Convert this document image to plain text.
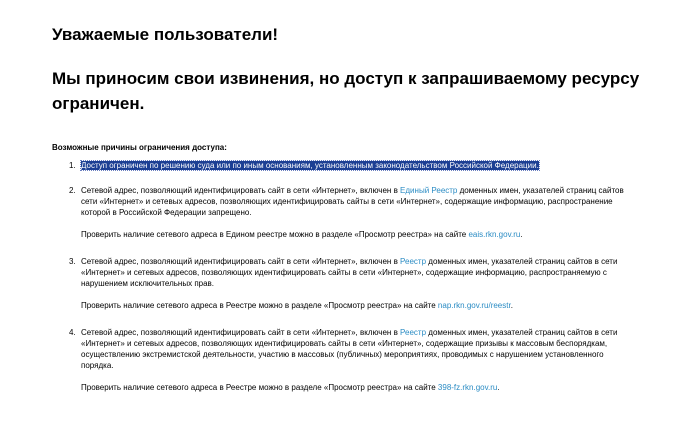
Уважаемые пользователи!
Мы приносим свои извинения, но доступ к запрашиваемому ресурсу ограничен.

Возможные причины ограничения доступа:

1. Доступ ограничен по решению суда или по иным основаниям, установленным законодательством Российской Федерации.
2. Сетевой адрес, позволяющий идентифицировать сайт в сети «Интернет», включен в Единый Реестр доменных имен, указателей страниц сайтов сети «Интернет» и сетевых адресов, позволяющих идентифицировать сайты в сети «Интернет», содержащие информацию, распространение которой в Российской Федерации запрещено.
Проверить наличие сетевого адреса в Едином реестре можно в разделе «Просмотр реестра» на сайте eais.rkn.gov.ru.
3. Сетевой адрес, позволяющий идентифицировать сайт в сети «Интернет», включен в Реестр доменных имен, указателей страниц сайтов в сети «Интернет» и сетевых адресов, позволяющих идентифицировать сайты в сети «Интернет», содержащие информацию, распространяемую с нарушением исключительных прав.
Проверить наличие сетевого адреса в Реестре можно в разделе «Просмотр реестра» на сайте nap.rkn.gov.ru/reestr.
4. Сетевой адрес, позволяющий идентифицировать сайт в сети «Интернет», включен в Реестр доменных имен, указателей страниц сайтов в сети «Интернет» и сетевых адресов, позволяющих идентифицировать сайты в сети «Интернет», содержащие призывы к массовым беспорядкам, осуществлению экстремистской деятельности, участию в массовых (публичных) мероприятиях, проводимых с нарушением установленного порядка.
Проверить наличие сетевого адреса в Реестре можно в разделе «Просмотр реестра» на сайте 398-fz.rkn.gov.ru.
